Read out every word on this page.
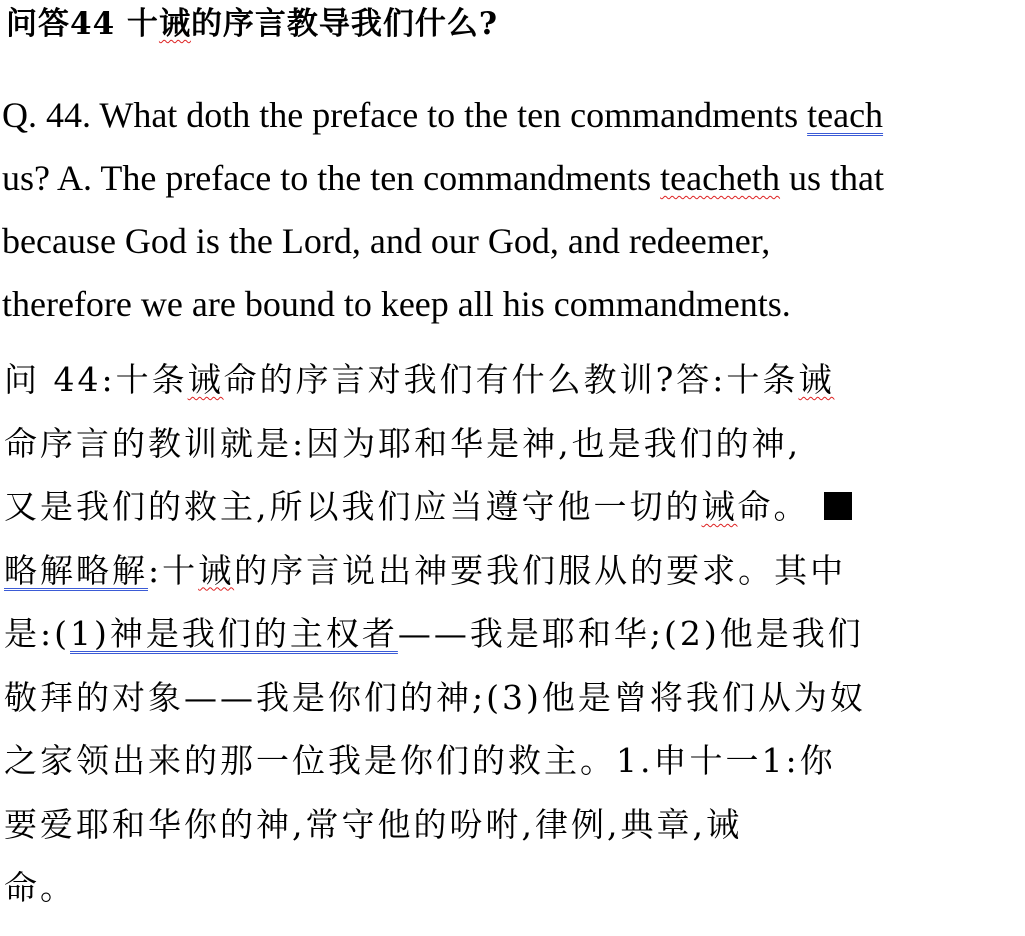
问答44 十诫的序言教导我们什么?
Q. 44. What doth the preface to the ten commandments teach
us? A. The preface to the ten commandments teacheth us that
because God is the Lord, and our God, and redeemer,
therefore we are bound to keep all his commandments.
问 44:十条诫命的序言对我们有什么教训?答:十条诫
命序言的教训就是:因为耶和华是神,也是我们的神,
又是我们的救主,所以我们应当遵守他一切的诫命。
略解略解:十诫的序言说出神要我们服从的要求。其中
是:(1)神是我们的主权者——我是耶和华;(2)他是我们
敬拜的对象——我是你们的神;(3)他是曾将我们从为奴
之家领出来的那一位我是你们的救主。1.申十一1:你
要爱耶和华你的神,常守他的吩咐,律例,典章,诫
命。
